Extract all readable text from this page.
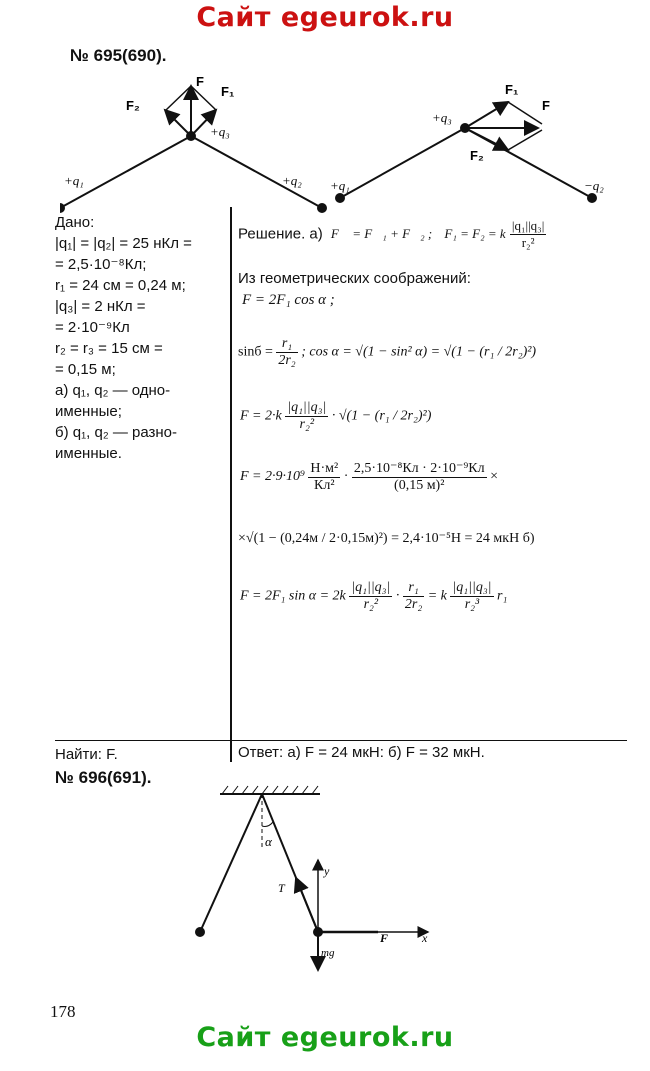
Сайт egeurok.ru
Сайт egeurok.ru
№ 695(690).
F
F₁
F₂
+q₃
+q₁	+q₂
F₁
F
F₂
+q₃
+q₁	−q₂
Дано:
|q₁| = |q₂| = 25 нКл =
= 2,5·10⁻⁸Кл;
r₁ = 24 см = 0,24 м;
|q₃| = 2 нКл =
= 2·10⁻⁹Кл
r₂ = r₃ = 15 см =
= 0,15 м;
а) q₁, q₂ — одно-
именные;
б) q₁, q₂ — разно-
именные.
Найти: F.
Решение. а) F⃗ = F⃗₁ + F⃗₂ ; F₁ = F₂ = k $\frac{\text{|q₁||q₃|}}{\text{r₂²}}$
Из геометрических соображений:
F = 2F₁ cos α ;
$\sin б = \frac{\text{r₁}}{\text{2r₂}}$ ; cos α = √(1 − sin² α) = √(1 − (r₁ / 2r₂)²)
$F = 2\cdot k \frac{\text{|q₁||q₃|}}{\text{r₂²}} \cdot √(1 - (r_1 / 2r_2)^2)$
$F = 2\cdot 9\cdot 10^9 \frac{\text{Н·м²}}{\text{Кл²}} \cdot \frac{\text{2,5·10⁻⁸Кл · 2·10⁻⁹Кл}}{\text{(0,15 м)²}}$ ×
×√(1 − (0,24м / 2·0,15м)²) = 2,4·10⁻⁵Н = 24 мкН б)
F = 2F₁ $\sin \alpha = 2k \frac{\text{|q₁||q₃|}}{\text{r₂²}} \cdot \frac{\text{r₁}}{\text{2r₂}} = k \frac{\text{|q₁||q₃|}}{\text{r₂³}} r_1$
Ответ: а) F = 24 мкН: б) F = 32 мкН.
№ 696(691).
α
T
y
F	x
mg
178
